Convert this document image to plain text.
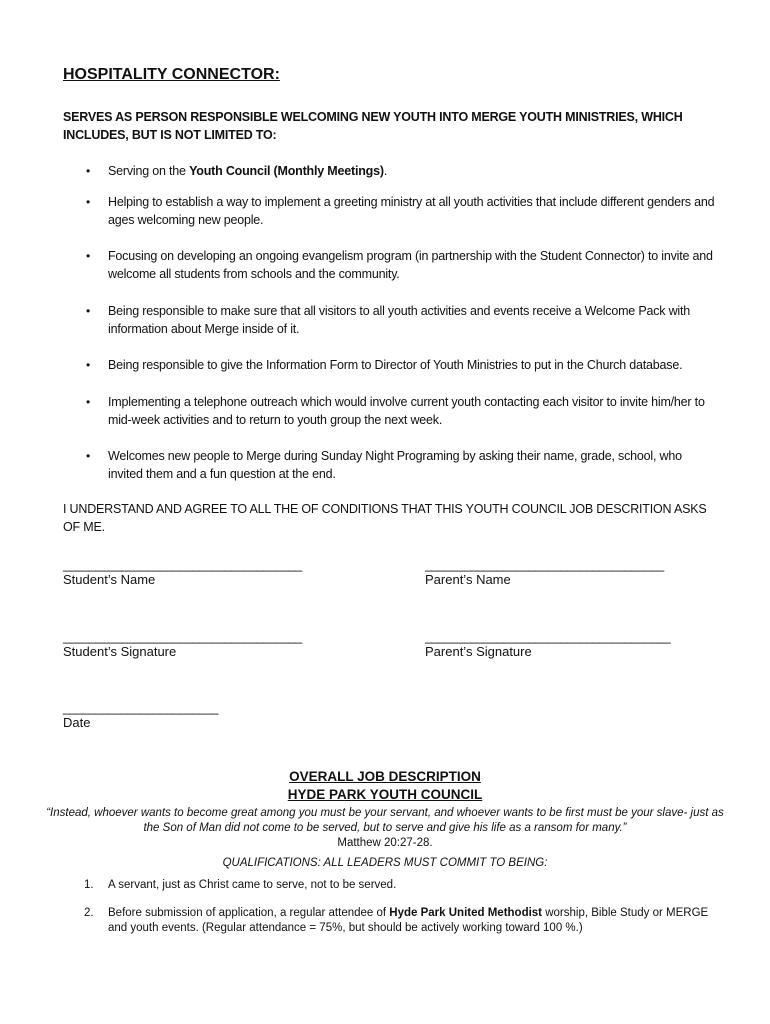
HOSPITALITY CONNECTOR:
SERVES AS PERSON RESPONSIBLE WELCOMING NEW YOUTH INTO MERGE YOUTH MINISTRIES, WHICH INCLUDES, BUT IS NOT LIMITED TO:
• Serving on the Youth Council (Monthly Meetings).
• Helping to establish a way to implement a greeting ministry at all youth activities that include different genders and ages welcoming new people.
• Focusing on developing an ongoing evangelism program (in partnership with the Student Connector) to invite and welcome all students from schools and the community.
• Being responsible to make sure that all visitors to all youth activities and events receive a Welcome Pack with information about Merge inside of it.
• Being responsible to give the Information Form to Director of Youth Ministries to put in the Church database.
• Implementing a telephone outreach which would involve current youth contacting each visitor to invite him/her to mid-week activities and to return to youth group the next week.
• Welcomes new people to Merge during Sunday Night Programing by asking their name, grade, school, who invited them and a fun question at the end.
I UNDERSTAND AND AGREE TO ALL THE OF CONDITIONS THAT THIS YOUTH COUNCIL JOB DESCRITION ASKS OF ME.
_____________________________________
Student’s Name
_____________________________________
Parent’s Name
_____________________________________
Student’s Signature
______________________________________
Parent’s Signature
________________________
Date
OVERALL JOB DESCRIPTION
HYDE PARK YOUTH COUNCIL
“Instead, whoever wants to become great among you must be your servant, and whoever wants to be first must be your slave- just as the Son of Man did not come to be served, but to serve and give his life as a ransom for many.”
Matthew 20:27-28.
QUALIFICATIONS: ALL LEADERS MUST COMMIT TO BEING:
1. A servant, just as Christ came to serve, not to be served.
2. Before submission of application, a regular attendee of Hyde Park United Methodist worship, Bible Study or MERGE and youth events. (Regular attendance = 75%, but should be actively working toward 100 %.)
